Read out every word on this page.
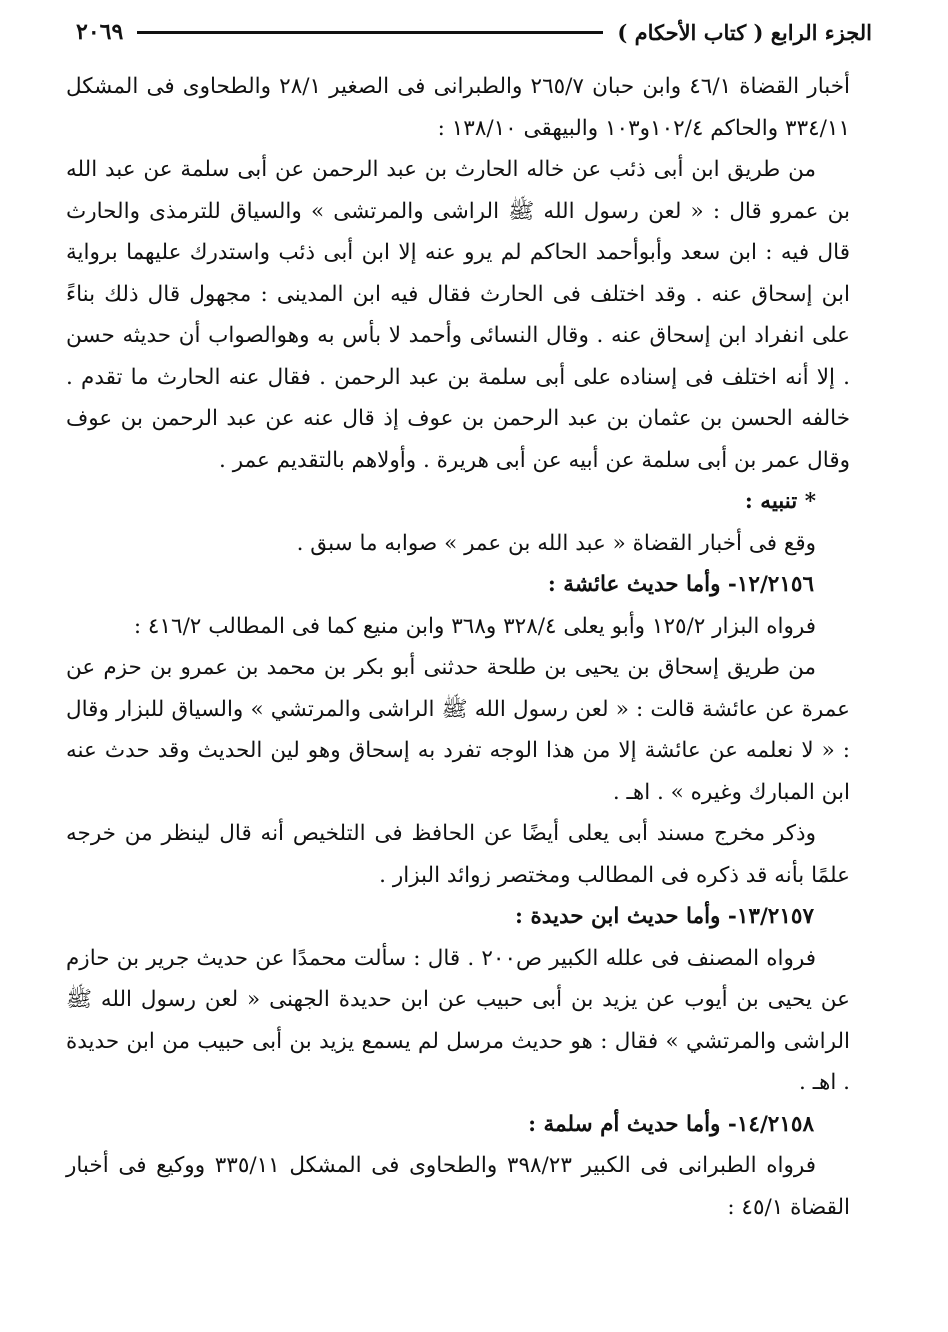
الجزء الرابع ( كتاب الأحكام )
٢٠٦٩

أخبار القضاة ٤٦/١ وابن حبان ٢٦٥/٧ والطبرانى فى الصغير ٢٨/١ والطحاوى فى المشكل ٣٣٤/١١ والحاكم ١٠٢/٤و١٠٣ والبيهقى ١٣٨/١٠ :

من طريق ابن أبى ذئب عن خاله الحارث بن عبد الرحمن عن أبى سلمة عن عبد الله بن عمرو قال : « لعن رسول الله ﷺ الراشى والمرتشى » والسياق للترمذى والحارث قال فيه : ابن سعد وأبوأحمد الحاكم لم يرو عنه إلا ابن أبى ذئب واستدرك عليهما برواية ابن إسحاق عنه . وقد اختلف فى الحارث فقال فيه ابن المدينى : مجهول قال ذلك بناءً على انفراد ابن إسحاق عنه . وقال النسائى وأحمد لا بأس به وهوالصواب أن حديثه حسن . إلا أنه اختلف فى إسناده على أبى سلمة بن عبد الرحمن . فقال عنه الحارث ما تقدم . خالفه الحسن بن عثمان بن عبد الرحمن بن عوف إذ قال عنه عن عبد الرحمن بن عوف وقال عمر بن أبى سلمة عن أبيه عن أبى هريرة . وأولاهم بالتقديم عمر .

* تنبيه :

وقع فى أخبار القضاة « عبد الله بن عمر » صوابه ما سبق .

١٢/٢١٥٦- وأما حديث عائشة :

فرواه البزار ١٢٥/٢ وأبو يعلى ٣٢٨/٤ و٣٦٨ وابن منيع كما فى المطالب ٤١٦/٢ :

من طريق إسحاق بن يحيى بن طلحة حدثنى أبو بكر بن محمد بن عمرو بن حزم عن عمرة عن عائشة قالت : « لعن رسول الله ﷺ الراشى والمرتشي » والسياق للبزار وقال : « لا نعلمه عن عائشة إلا من هذا الوجه تفرد به إسحاق وهو لين الحديث وقد حدث عنه ابن المبارك وغيره » . اهـ .

وذكر مخرج مسند أبى يعلى أيضًا عن الحافظ فى التلخيص أنه قال لينظر من خرجه علمًا بأنه قد ذكره فى المطالب ومختصر زوائد البزار .

١٣/٢١٥٧- وأما حديث ابن حديدة :

فرواه المصنف فى علله الكبير ص٢٠٠ . قال : سألت محمدًا عن حديث جرير بن حازم عن يحيى بن أيوب عن يزيد بن أبى حبيب عن ابن حديدة الجهنى « لعن رسول الله ﷺ الراشى والمرتشي » فقال : هو حديث مرسل لم يسمع يزيد بن أبى حبيب من ابن حديدة . اهـ .

١٤/٢١٥٨- وأما حديث أم سلمة :

فرواه الطبرانى فى الكبير ٣٩٨/٢٣ والطحاوى فى المشكل ٣٣٥/١١ ووكيع فى أخبار القضاة ٤٥/١ :
